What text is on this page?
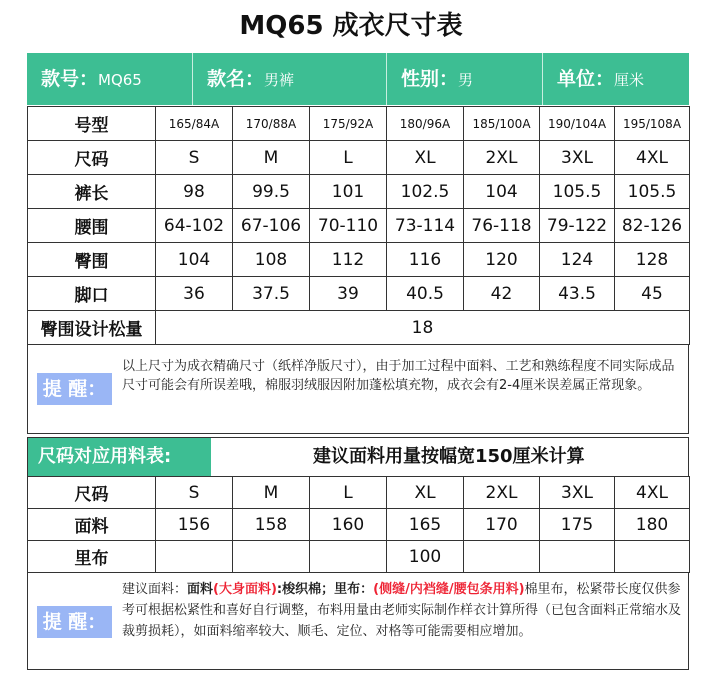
MQ65 成衣尺寸表
款号：MQ65	款名：男裤	性别：男	单位：厘米
号型	165/84A	170/88A	175/92A	180/96A	185/100A	190/104A	195/108A
尺码	S	M	L	XL	2XL	3XL	4XL
裤长	98	99.5	101	102.5	104	105.5	105.5
腰围	64-102	67-106	70-110	73-114	76-118	79-122	82-126
臀围	104	108	112	116	120	124	128
脚口	36	37.5	39	40.5	42	43.5	45
臀围设计松量	18						
提 醒：
以上尺寸为成衣精确尺寸（纸样净版尺寸），由于加工过程中面料、工艺和熟练程度不同实际成品尺寸可能会有所误差哦，棉服羽绒服因附加蓬松填充物，成衣会有2-4厘米误差属正常现象。
尺码对应用料表:	建议面料用量按幅宽150厘米计算
尺码	S	M	L	XL	2XL	3XL	4XL
面料	156	158	160	165	170	175	180
里布				100			
提 醒：
建议面料：面料(大身面料):梭织棉；里布：(侧缝/内裆缝/腰包条用料)棉里布，松紧带长度仅供参考可根据松紧性和喜好自行调整，布料用量由老师实际制作样衣计算所得（已包含面料正常缩水及裁剪损耗），如面料缩率较大、顺毛、定位、对格等可能需要相应增加。
